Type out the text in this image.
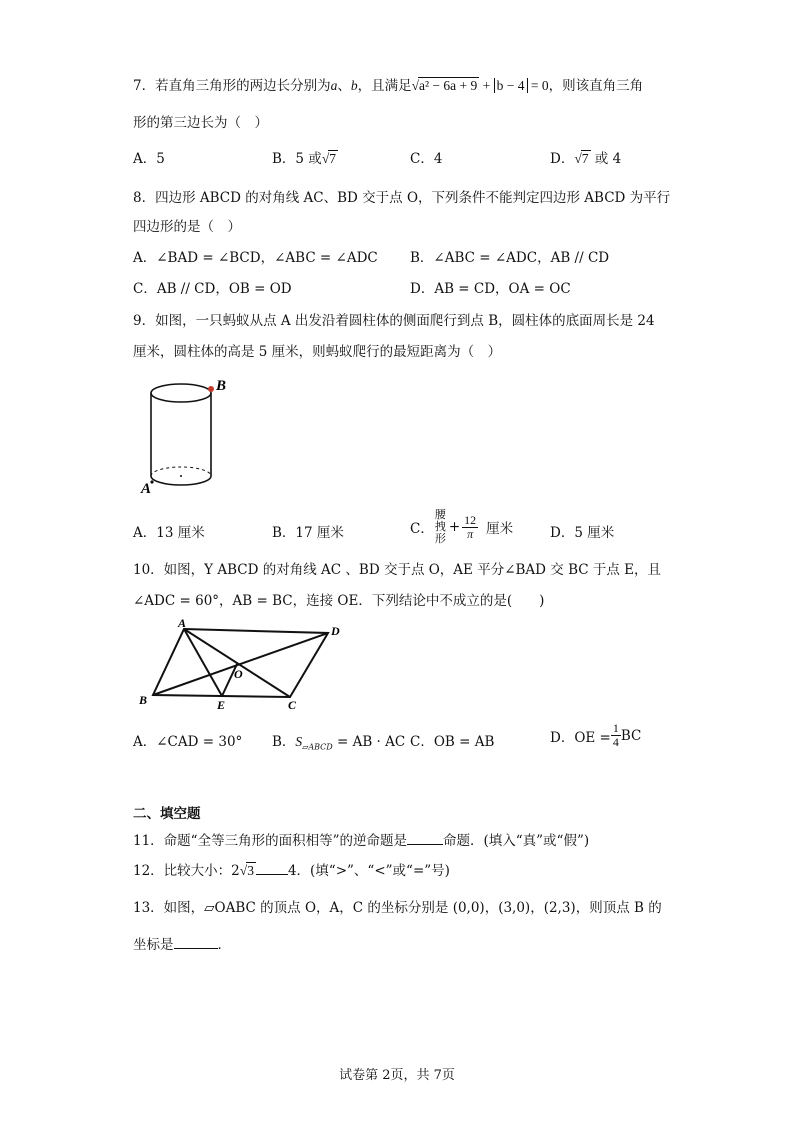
7．若直角三角形的两边长分别为a、b，且满足√a² − 6a + 9 + b − 4 = 0，则该直角三角
形的第三边长为（　）
A．5	B．5 或√7	C．4	D．√7 或 4
8．四边形 ABCD 的对角线 AC、BD 交于点 O，下列条件不能判定四边形 ABCD 为平行
四边形的是（　）
A．∠BAD = ∠BCD，∠ABC = ∠ADC B．∠ABC = ∠ADC，AB // CD
C．AB // CD，OB = OD	D．AB = CD，OA = OC
9．如图，一只蚂蚁从点 A 出发沿着圆柱体的侧面爬行到点 B，圆柱体的底面周长是 24
厘米，圆柱体的高是 5 厘米，则蚂蚁爬行的最短距离为（　）
B
A
A．13 厘米	B．17 厘米	C．
腰
拽
形
+ $\frac{12}{\pi}$ 厘米	D．5 厘米
10．如图，Y ABCD 的对角线 AC 、BD 交于点 O，AE 平分∠BAD 交 BC 于点 E，且
∠ADC = 60°，AB = BC，连接 OE．下列结论中不成立的是(　　)
A
D
O
B	E	C
A．∠CAD = 30° B．$S_{▱ABCD}$ = AB · AC C．OB = AB	D．OE = $\frac{1}{4}$ BC
二、填空题
11．命题“全等三角形的面积相等”的逆命题是	命题．(填入“真”或“假”)
12．比较大小：2√3	4．(填“>”、“<”或“=”号)
13．如图，▱OABC 的顶点 O，A，C 的坐标分别是 (0,0)，(3,0)，(2,3)，则顶点 B 的
坐标是	．
试卷第 2页，共 7页
